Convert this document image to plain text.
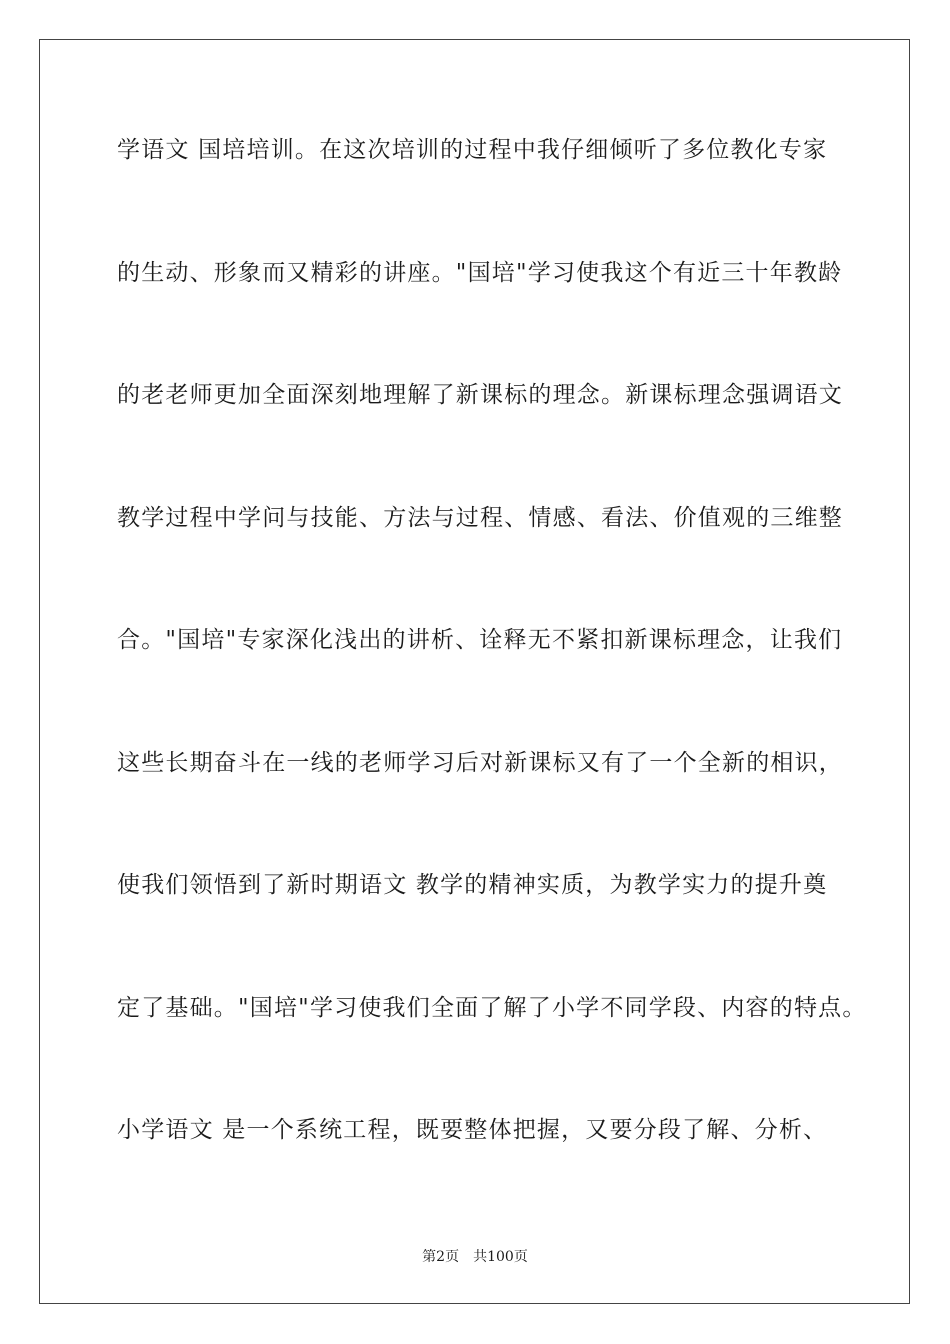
学语文 国培培训。在这次培训的过程中我仔细倾听了多位教化专家
的生动、形象而又精彩的讲座。"国培"学习使我这个有近三十年教龄
的老老师更加全面深刻地理解了新课标的理念。新课标理念强调语文
教学过程中学问与技能、方法与过程、情感、看法、价值观的三维整
合。"国培"专家深化浅出的讲析、诠释无不紧扣新课标理念，让我们
这些长期奋斗在一线的老师学习后对新课标又有了一个全新的相识，
使我们领悟到了新时期语文 教学的精神实质，为教学实力的提升奠
定了基础。"国培"学习使我们全面了解了小学不同学段、内容的特点。
小学语文 是一个系统工程，既要整体把握，又要分段了解、分析、
第2页 共100页
